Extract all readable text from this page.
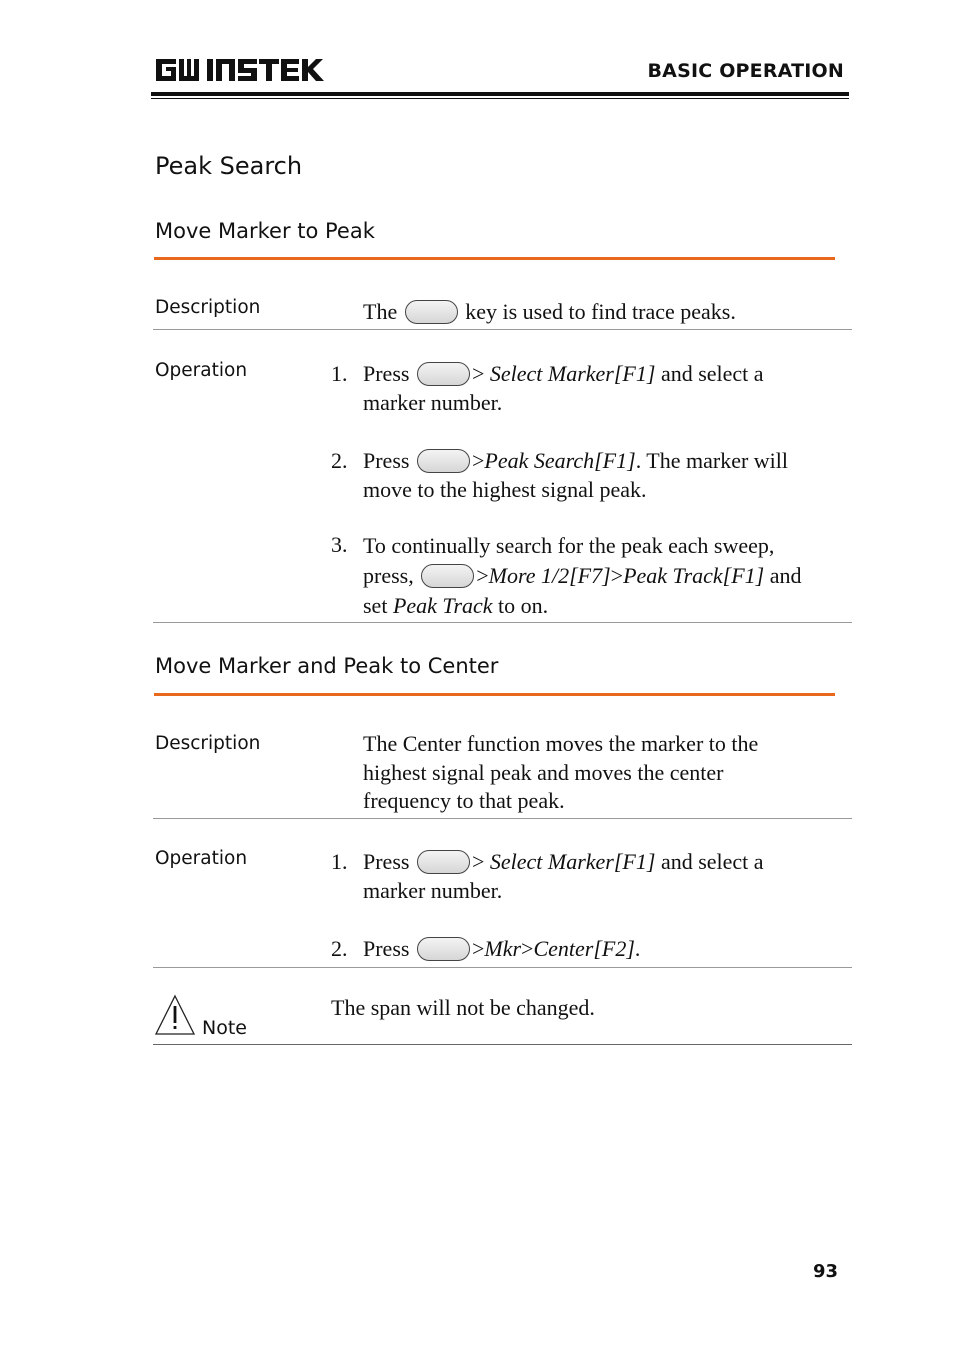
BASIC OPERATION
Peak Search
Move Marker to Peak
Description	The	key is used to find trace peaks.
Operation	1. Press	> Select Marker[F1] and select a
marker number.
2. Press	>Peak Search[F1]. The marker will
move to the highest signal peak.
3. To continually search for the peak each sweep,
press,	>More 1/2[F7]>Peak Track[F1] and
set Peak Track to on.
Move Marker and Peak to Center
Description	The Center function moves the marker to the
highest signal peak and moves the center
frequency to that peak.
Operation	1. Press	> Select Marker[F1] and select a
marker number.
2. Press	>Mkr>Center[F2].
Note
The span will not be changed.
93
